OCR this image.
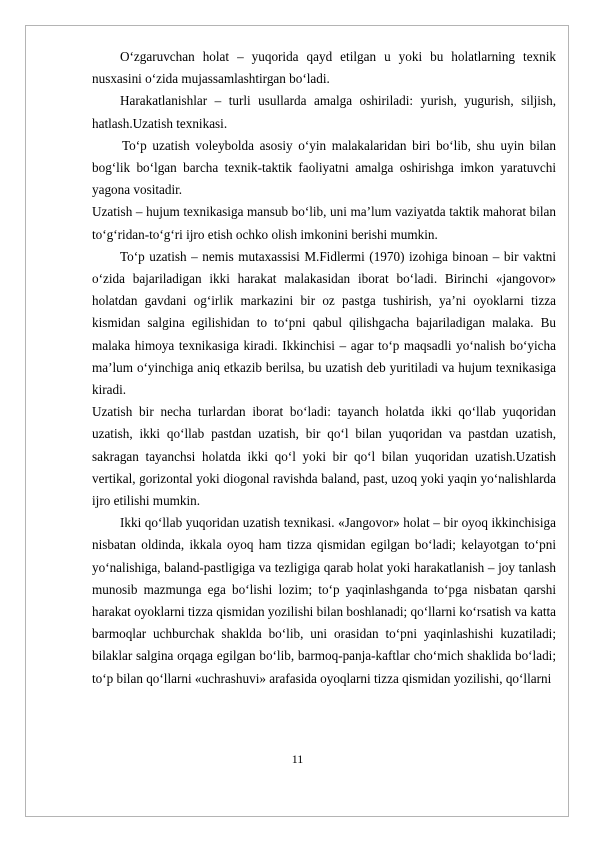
O‘zgaruvchan holat – yuqorida qayd etilgan u yoki bu holatlarning texnik nusxasini o‘zida mujassamlashtirgan bo‘ladi.

Harakatlanishlar – turli usullarda amalga oshiriladi: yurish, yugurish, siljish, hatlash.Uzatish texnikasi.

To‘p uzatish voleybolda asosiy o‘yin malakalaridan biri bo‘lib, shu uyin bilan bog‘lik bo‘lgan barcha texnik-taktik faoliyatni amalga oshirishga imkon yaratuvchi yagona vositadir.

Uzatish – hujum texnikasiga mansub bo‘lib, uni ma’lum vaziyatda taktik mahorat bilan to‘g‘ridan-to‘g‘ri ijro etish ochko olish imkonini berishi mumkin.

To‘p uzatish – nemis mutaxassisi M.Fidlermi (1970) izohiga binoan – bir vaktni o‘zida bajariladigan ikki harakat malakasidan iborat bo‘ladi. Birinchi «jangovor» holatdan gavdani og‘irlik markazini bir oz pastga tushirish, ya’ni oyoklarni tizza kismidan salgina egilishidan to to‘pni qabul qilishgacha bajariladigan malaka. Bu malaka himoya texnikasiga kiradi. Ikkinchisi – agar to‘p maqsadli yo‘nalish bo‘yicha ma’lum o‘yinchiga aniq etkazib berilsa, bu uzatish deb yuritiladi va hujum texnikasiga kiradi.

Uzatish bir necha turlardan iborat bo‘ladi: tayanch holatda ikki qo‘llab yuqoridan uzatish, ikki qo‘llab pastdan uzatish, bir qo‘l bilan yuqoridan va pastdan uzatish, sakragan tayanchsi holatda ikki qo‘l yoki bir qo‘l bilan yuqoridan uzatish.Uzatish vertikal, gorizontal yoki diogonal ravishda baland, past, uzoq yoki yaqin yo‘nalishlarda ijro etilishi mumkin.

Ikki qo‘llab yuqoridan uzatish texnikasi. «Jangovor» holat – bir oyoq ikkinchisiga nisbatan oldinda, ikkala oyoq ham tizza qismidan egilgan bo‘ladi; kelayotgan to‘pni yo‘nalishiga, baland-pastligiga va tezligiga qarab holat yoki harakatlanish – joy tanlash munosib mazmunga ega bo‘lishi lozim; to‘p yaqinlashganda to‘pga nisbatan qarshi harakat oyoklarni tizza qismidan yozilishi bilan boshlanadi; qo‘llarni ko‘rsatish va katta barmoqlar uchburchak shaklda bo‘lib, uni orasidan to‘pni yaqinlashishi kuzatiladi; bilaklar salgina orqaga egilgan bo‘lib, barmoq-panja-kaftlar cho‘mich shaklida bo‘ladi; to‘p bilan qo‘llarni «uchrashuvi» arafasida oyoqlarni tizza qismidan yozilishi, qo‘llarni

11
